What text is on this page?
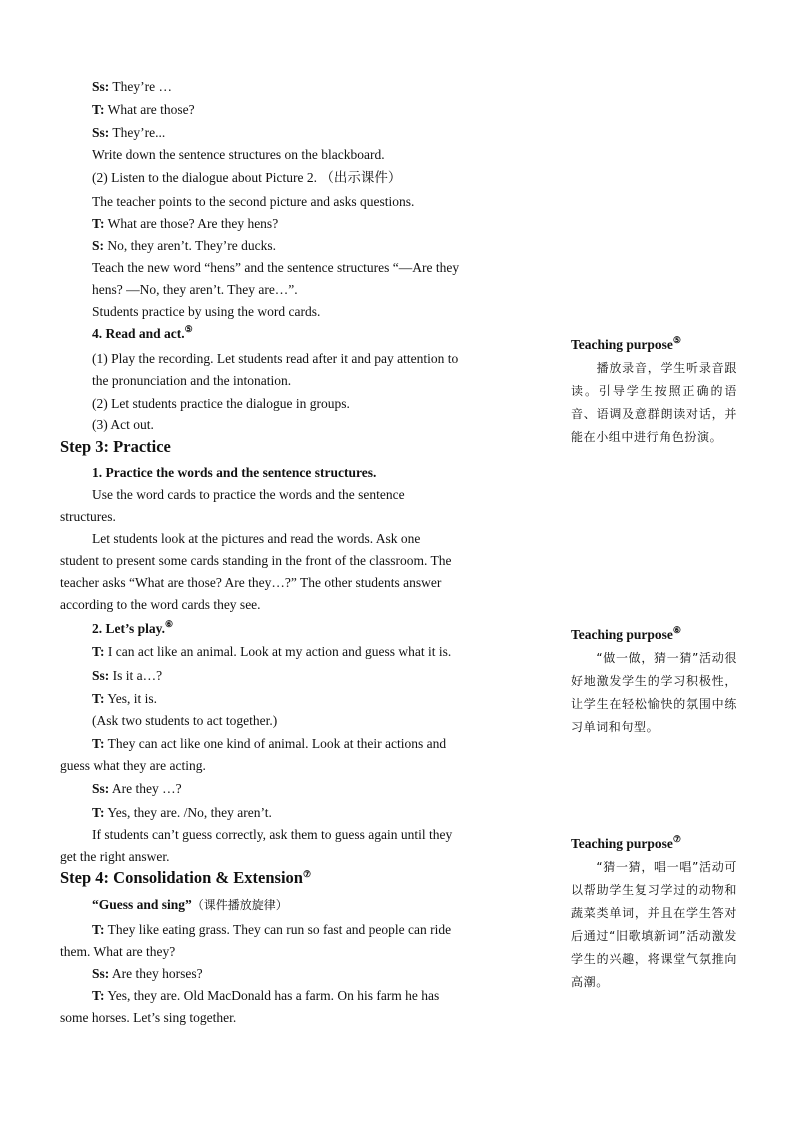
Ss: They’re …
T: What are those?
Ss: They’re...
Write down the sentence structures on the blackboard.
(2) Listen to the dialogue about Picture 2. （出示课件）
The teacher points to the second picture and asks questions.
T: What are those? Are they hens?
S: No, they aren’t. They’re ducks.
Teach the new word “hens” and the sentence structures “—Are they
hens? —No, they aren’t. They are…”.
Students practice by using the word cards.
4. Read and act.⑤
(1) Play the recording. Let students read after it and pay attention to
the pronunciation and the intonation.
(2) Let students practice the dialogue in groups.
(3) Act out.
Step 3: Practice
1. Practice the words and the sentence structures.
Use the word cards to practice the words and the sentence
structures.
Let students look at the pictures and read the words. Ask one
student to present some cards standing in the front of the classroom. The
teacher asks “What are those? Are they…?” The other students answer
according to the word cards they see.
2. Let’s play.⑥
T: I can act like an animal. Look at my action and guess what it is.
Ss: Is it a…?
T: Yes, it is.
(Ask two students to act together.)
T: They can act like one kind of animal. Look at their actions and
guess what they are acting.
Ss: Are they …?
T: Yes, they are. /No, they aren’t.
If students can’t guess correctly, ask them to guess again until they
get the right answer.
Step 4: Consolidation & Extension⑦
“Guess and sing”（课件播放旋律）
T: They like eating grass. They can run so fast and people can ride
them. What are they?
Ss: Are they horses?
T: Yes, they are. Old MacDonald has a farm. On his farm he has
some horses. Let’s sing together.
Teaching purpose⑤
　　播放录音，学生听录音跟读。引导学生按照正确的语音、语调及意群朗读对话，并能在小组中进行角色扮演。
Teaching purpose⑥
　　“做一做，猜一猜”活动很好地激发学生的学习积极性，让学生在轻松愉快的氛围中练习单词和句型。
Teaching purpose⑦
　　“猜一猜，唱一唱”活动可以帮助学生复习学过的动物和蔬菜类单词，并且在学生答对后通过“旧歌填新词”活动激发学生的兴趣，将课堂气氛推向高潮。
